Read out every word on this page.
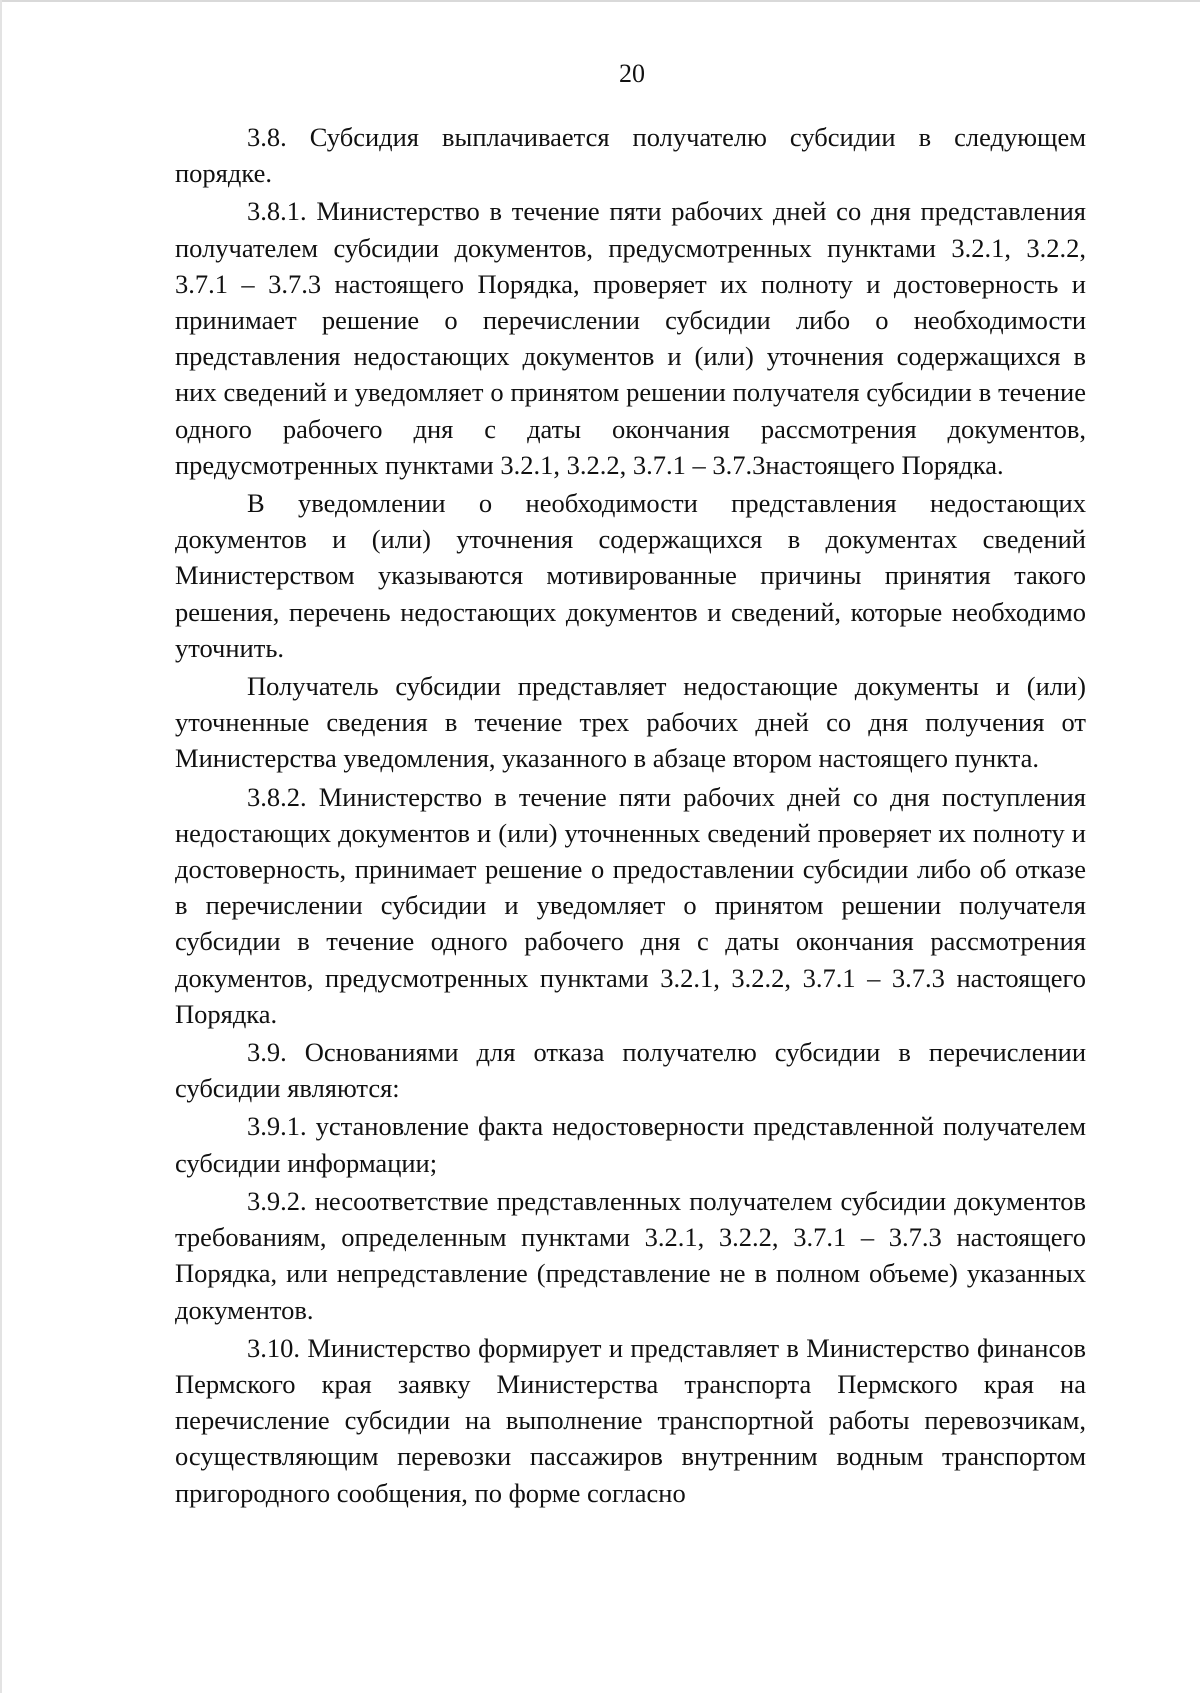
20

3.8. Субсидия выплачивается получателю субсидии в следующем порядке.

3.8.1. Министерство в течение пяти рабочих дней со дня представления получателем субсидии документов, предусмотренных пунктами 3.2.1, 3.2.2, 3.7.1 – 3.7.3 настоящего Порядка, проверяет их полноту и достоверность и принимает решение о перечислении субсидии либо о необходимости представления недостающих документов и (или) уточнения содержащихся в них сведений и уведомляет о принятом решении получателя субсидии в течение одного рабочего дня с даты окончания рассмотрения документов, предусмотренных пунктами 3.2.1, 3.2.2, 3.7.1 – 3.7.3настоящего Порядка.

В уведомлении о необходимости представления недостающих документов и (или) уточнения содержащихся в документах сведений Министерством указываются мотивированные причины принятия такого решения, перечень недостающих документов и сведений, которые необходимо уточнить.

Получатель субсидии представляет недостающие документы и (или) уточненные сведения в течение трех рабочих дней со дня получения от Министерства уведомления, указанного в абзаце втором настоящего пункта.

3.8.2. Министерство в течение пяти рабочих дней со дня поступления недостающих документов и (или) уточненных сведений проверяет их полноту и достоверность, принимает решение о предоставлении субсидии либо об отказе в перечислении субсидии и уведомляет о принятом решении получателя субсидии в течение одного рабочего дня с даты окончания рассмотрения документов, предусмотренных пунктами 3.2.1, 3.2.2, 3.7.1 – 3.7.3 настоящего Порядка.

3.9. Основаниями для отказа получателю субсидии в перечислении субсидии являются:

3.9.1. установление факта недостоверности представленной получателем субсидии информации;

3.9.2. несоответствие представленных получателем субсидии документов требованиям, определенным пунктами 3.2.1, 3.2.2, 3.7.1 – 3.7.3 настоящего Порядка, или непредставление (представление не в полном объеме) указанных документов.

3.10. Министерство формирует и представляет в Министерство финансов Пермского края заявку Министерства транспорта Пермского края на перечисление субсидии на выполнение транспортной работы перевозчикам, осуществляющим перевозки пассажиров внутренним водным транспортом пригородного сообщения, по форме согласно
